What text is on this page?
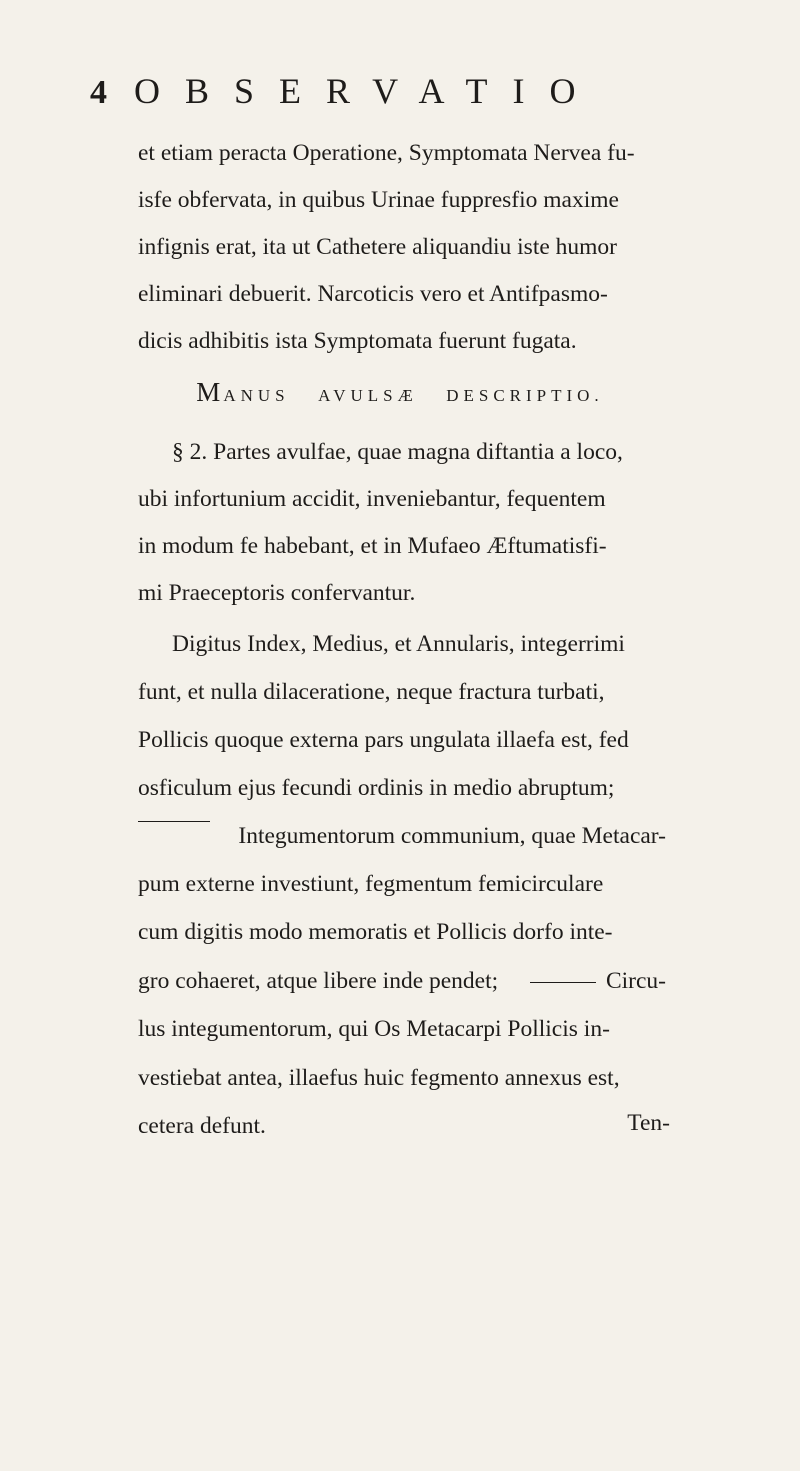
4 OBSERVATIO
et etiam peracta Operatione, Symptomata Nervea fu-
isfe obfervata, in quibus Urinae fuppresfio maxime
infignis erat, ita ut Cathetere aliquandiu iste humor
eliminari debuerit. Narcoticis vero et Antifpasmo-
dicis adhibitis ista Symptomata fuerunt fugata.
MANUS AVULSÆ DESCRIPTIO.
§ 2. Partes avulfae, quae magna diftantia a loco,
ubi infortunium accidit, inveniebantur, fequentem
in modum fe habebant, et in Mufaeo Æftumatisfi-
mi Praeceptoris confervantur.
Digitus Index, Medius, et Annularis, integerrimi
funt, et nulla dilaceratione, neque fractura turbati,
Pollicis quoque externa pars ungulata illaefa est, fed
osficulum ejus fecundi ordinis in medio abruptum;
Integumentorum communium, quae Metacar-
pum externe investiunt, fegmentum femicirculare
cum digitis modo memoratis et Pollicis dorfo inte-
gro cohaeret, atque libere inde pendet;	Circu-
lus integumentorum, qui Os Metacarpi Pollicis in-
vestiebat antea, illaefus huic fegmento annexus est,
cetera defunt.	Ten-
